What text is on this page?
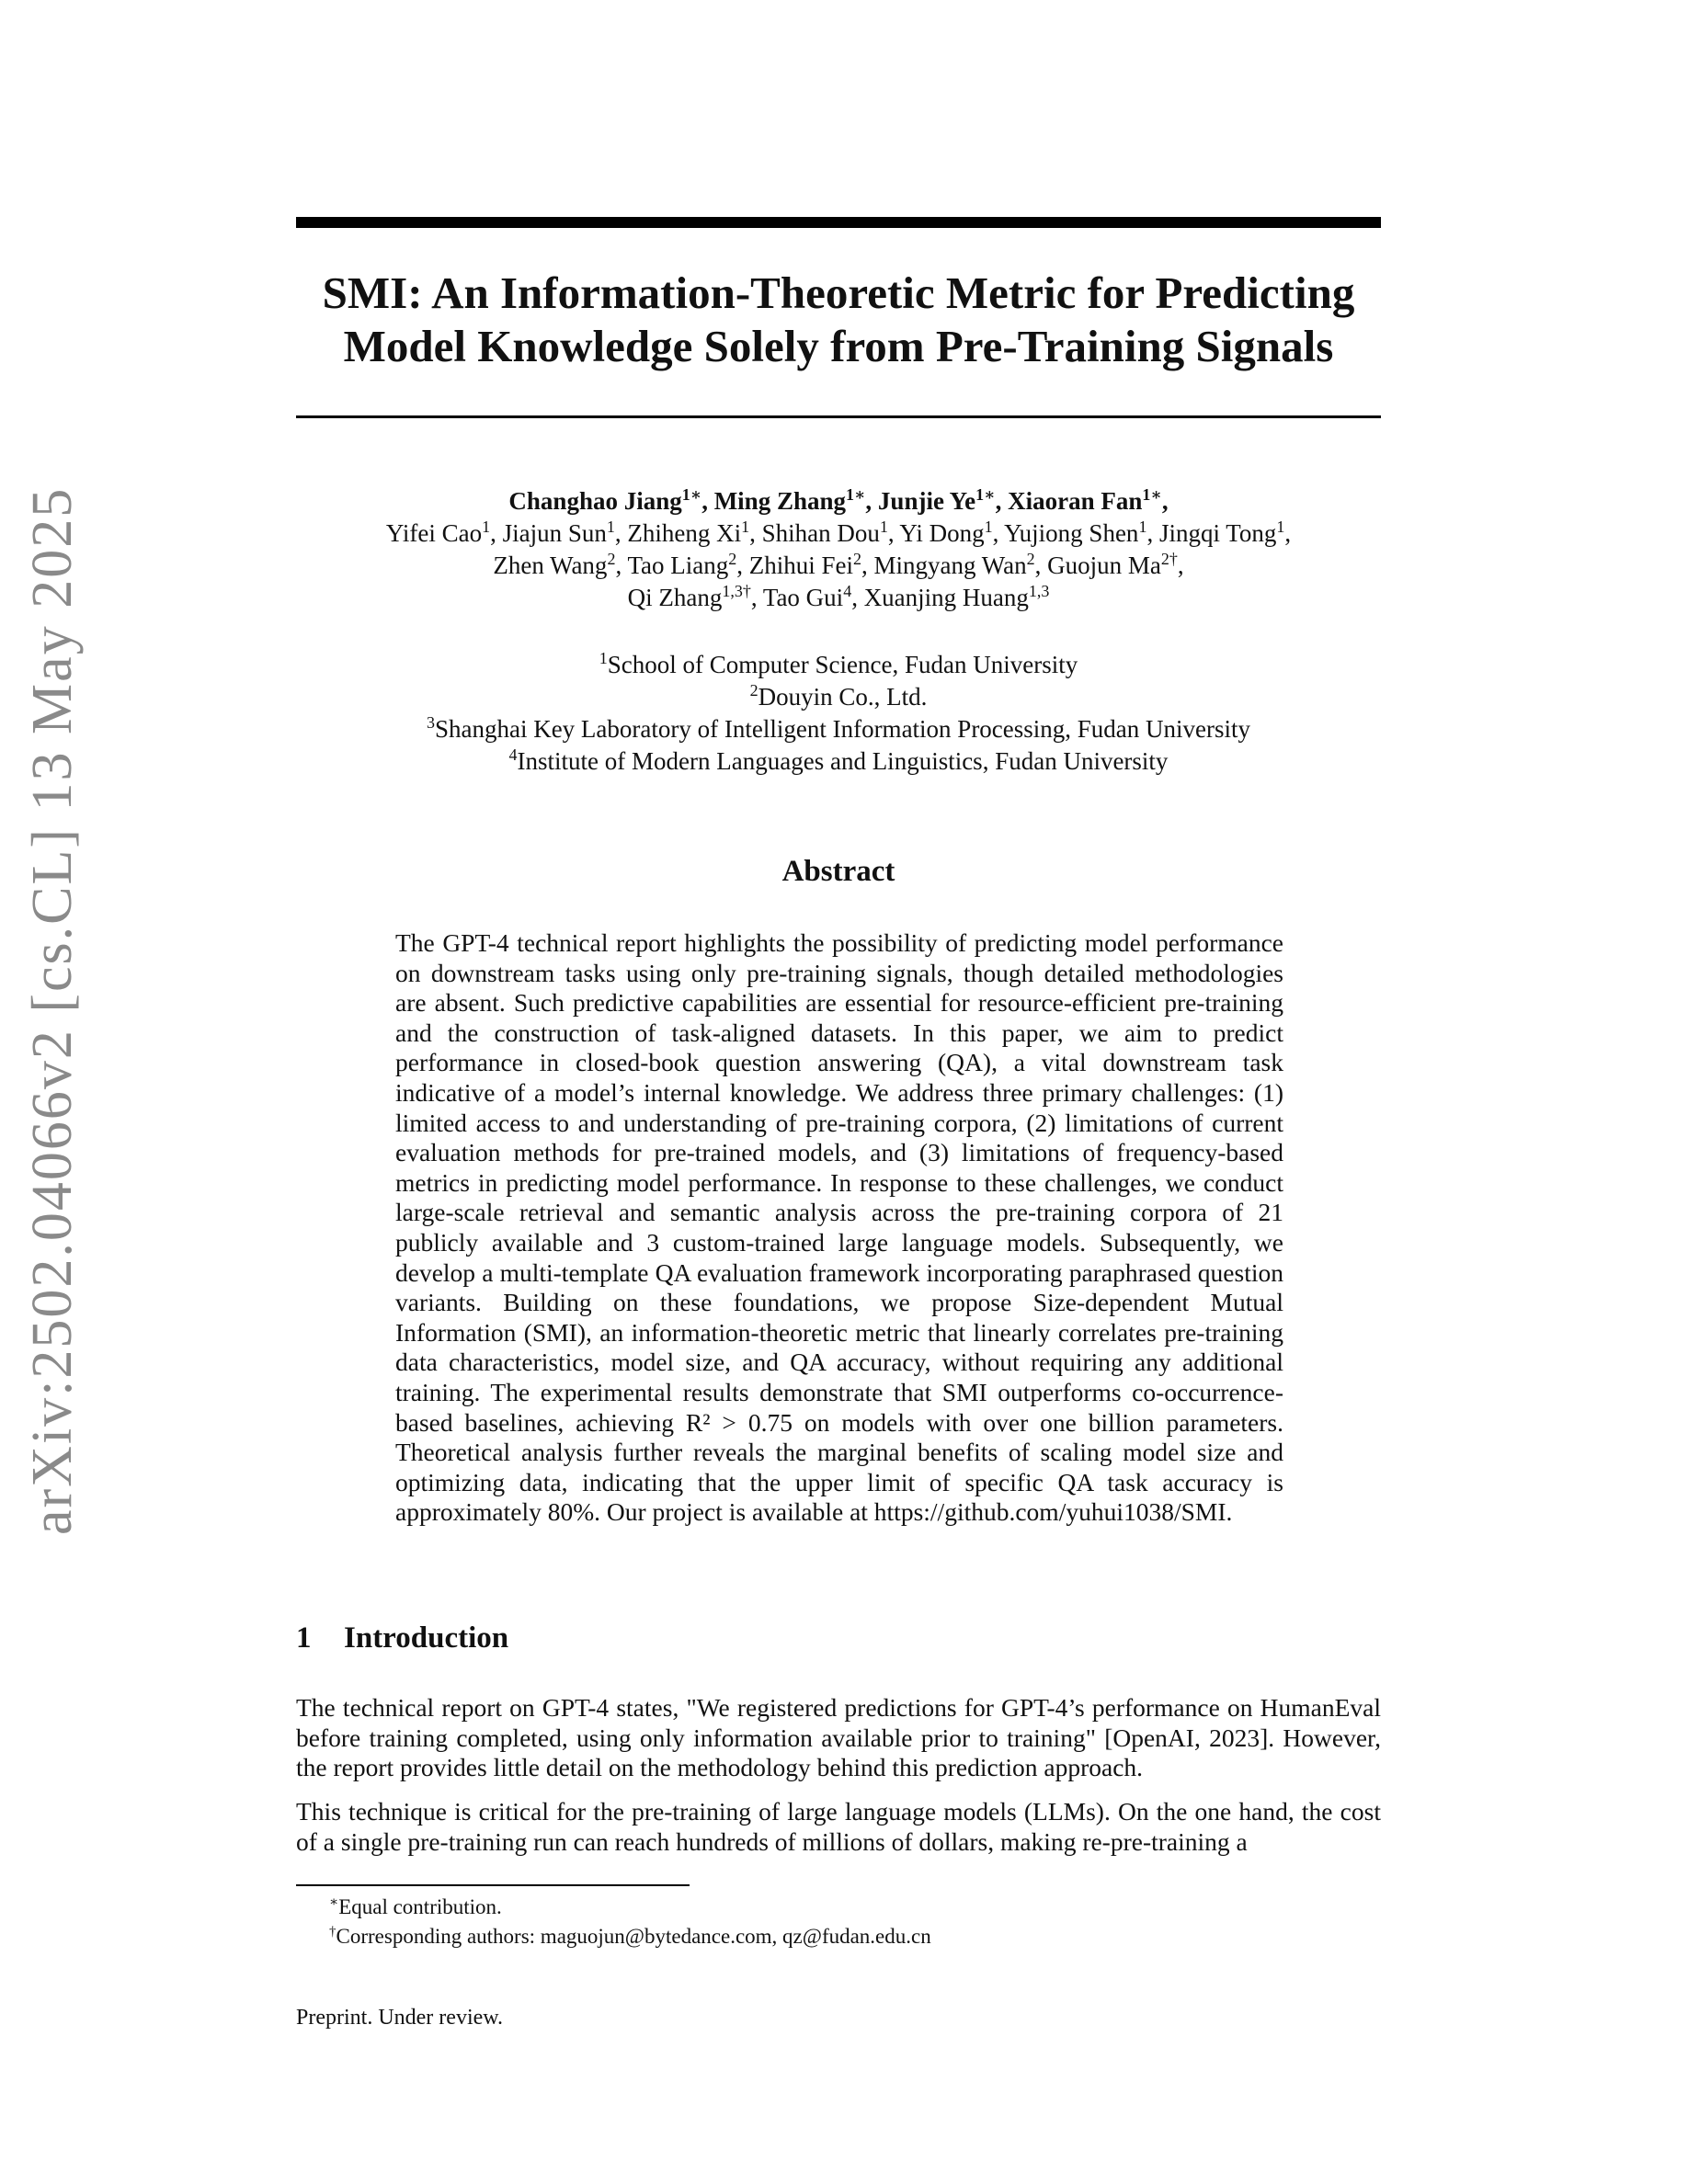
arXiv:2502.04066v2 [cs.CL] 13 May 2025
SMI: An Information-Theoretic Metric for Predicting
Model Knowledge Solely from Pre-Training Signals
Changhao Jiang$^{1∗}$, Ming Zhang$^{1∗}$, Junjie $Ye^{1∗}$, Xiaoran Fan$^{1∗}$,
Yifei Cao$^1$, Jiajun Sun$^1$, Zhiheng Xi$^1$, Shihan Dou$^1$, Yi Dong$^1$, Yujiong Shen$^1$, Jingqi Tong$^1$,
Zhen Wang$^2$, Tao Liang$^2$, Zhihui Fei$^2$, Mingyang Wan$^2$, Guojun $Ma^{2\dagger}$,
Qi Zhang$^{1,3\dagger}$, Tao Gui$^4$, Xuanjing Huang$^{1,3}$
$^1$School of Computer Science, Fudan University
$^2$Douyin Co., Ltd.
$^3$Shanghai Key Laboratory of Intelligent Information Processing, Fudan University
$^4$Institute of Modern Languages and Linguistics, Fudan University
Abstract
The GPT-4 technical report highlights the possibility of predicting model performance on downstream tasks using only pre-training signals, though detailed methodologies are absent. Such predictive capabilities are essential for resource-efficient pre-training and the construction of task-aligned datasets. In this paper, we aim to predict performance in closed-book question answering (QA), a vital downstream task indicative of a model’s internal knowledge. We address three primary challenges: (1) limited access to and understanding of pre-training corpora, (2) limitations of current evaluation methods for pre-trained models, and (3) limitations of frequency-based metrics in predicting model performance. In response to these challenges, we conduct large-scale retrieval and semantic analysis across the pre-training corpora of 21 publicly available and 3 custom-trained large language models. Subsequently, we develop a multi-template QA evaluation framework incorporating paraphrased question variants. Building on these foundations, we propose Size-dependent Mutual Information (SMI), an information-theoretic metric that linearly correlates pre-training data characteristics, model size, and QA accuracy, without requiring any additional training. The experimental results demonstrate that SMI outperforms co-occurrence-based baselines, achieving R² > 0.75 on models with over one billion parameters. Theoretical analysis further reveals the marginal benefits of scaling model size and optimizing data, indicating that the upper limit of specific QA task accuracy is approximately 80%. Our project is available at https://github.com/yuhui1038/SMI.
1 Introduction
The technical report on GPT-4 states, "We registered predictions for GPT-4’s performance on HumanEval before training completed, using only information available prior to training" [OpenAI, 2023]. However, the report provides little detail on the methodology behind this prediction approach.
This technique is critical for the pre-training of large language models (LLMs). On the one hand, the cost of a single pre-training run can reach hundreds of millions of dollars, making re-pre-training a
∗Equal contribution.
†Corresponding authors: maguojun@bytedance.com, qz@fudan.edu.cn
Preprint. Under review.
